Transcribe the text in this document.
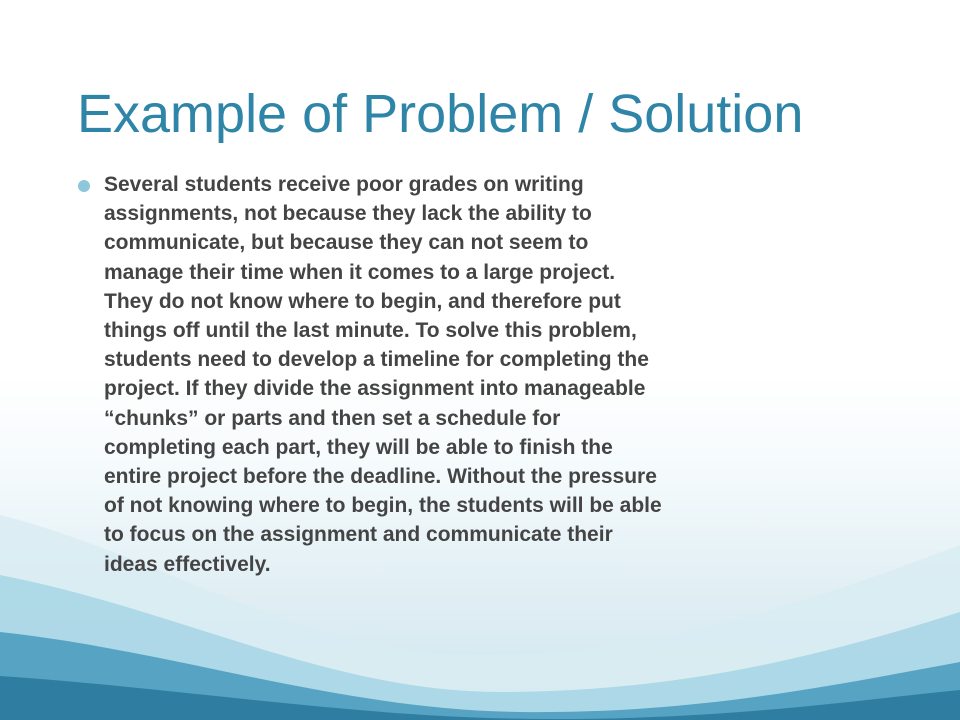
Example of Problem / Solution
Several students receive poor grades on writing
assignments, not because they lack the ability to
communicate, but because they can not seem to
manage their time when it comes to a large project.
They do not know where to begin, and therefore put
things off until the last minute. To solve this problem,
students need to develop a timeline for completing the
project. If they divide the assignment into manageable
“chunks” or parts and then set a schedule for
completing each part, they will be able to finish the
entire project before the deadline. Without the pressure
of not knowing where to begin, the students will be able
to focus on the assignment and communicate their
ideas effectively.
